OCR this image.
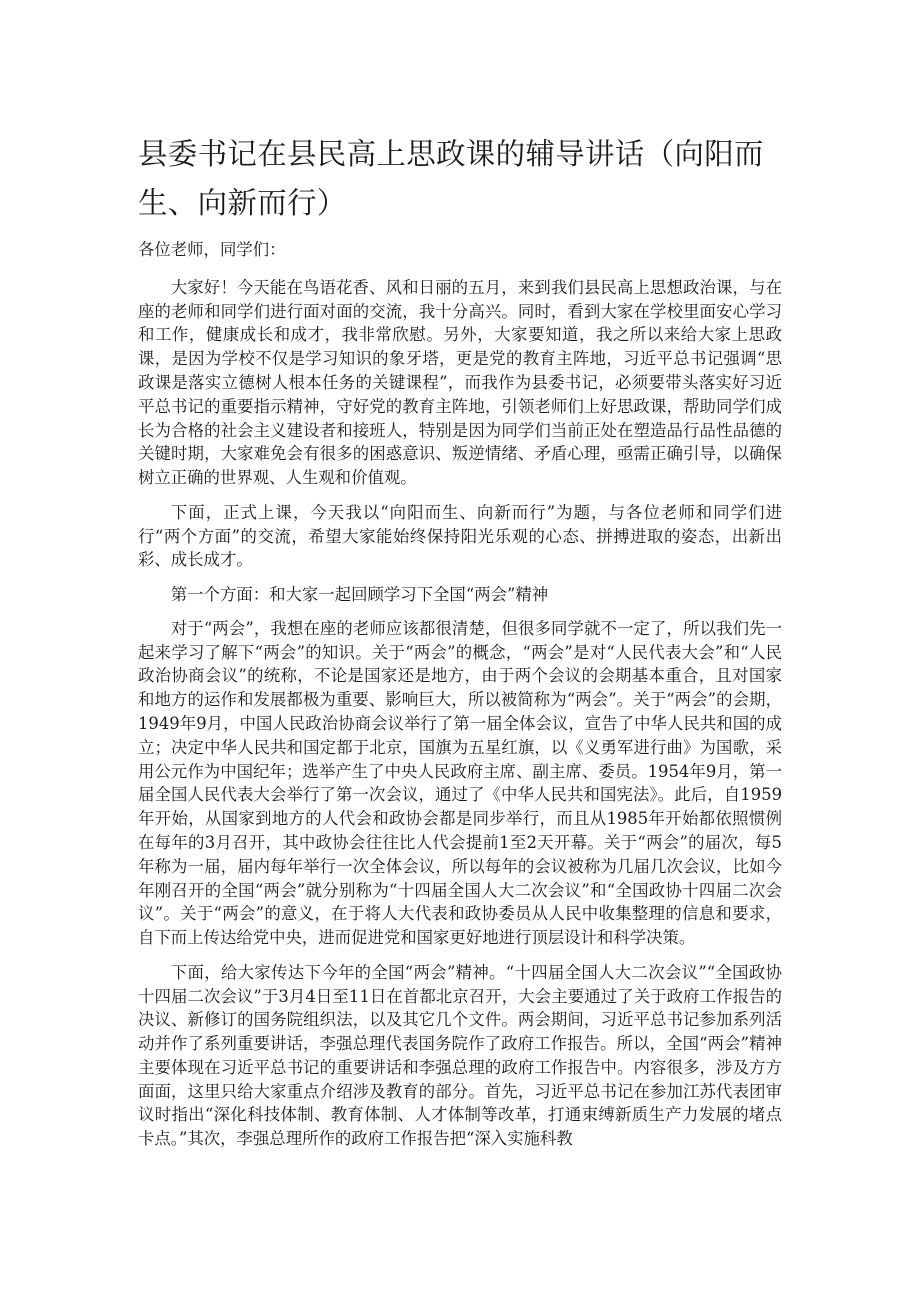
县委书记在县民高上思政课的辅导讲话（向阳而生、向新而行）

各位老师，同学们：

大家好！今天能在鸟语花香、风和日丽的五月，来到我们县民高上思想政治课，与在座的老师和同学们进行面对面的交流，我十分高兴。同时，看到大家在学校里面安心学习和工作，健康成长和成才，我非常欣慰。另外，大家要知道，我之所以来给大家上思政课，是因为学校不仅是学习知识的象牙塔，更是党的教育主阵地，习近平总书记强调“思政课是落实立德树人根本任务的关键课程”，而我作为县委书记，必须要带头落实好习近平总书记的重要指示精神，守好党的教育主阵地，引领老师们上好思政课，帮助同学们成长为合格的社会主义建设者和接班人，特别是因为同学们当前正处在塑造品行品性品德的关键时期，大家难免会有很多的困惑意识、叛逆情绪、矛盾心理，亟需正确引导，以确保树立正确的世界观、人生观和价值观。

下面，正式上课，今天我以“向阳而生、向新而行”为题，与各位老师和同学们进行“两个方面”的交流，希望大家能始终保持阳光乐观的心态、拼搏进取的姿态，出新出彩、成长成才。

第一个方面：和大家一起回顾学习下全国“两会”精神

对于“两会”，我想在座的老师应该都很清楚，但很多同学就不一定了，所以我们先一起来学习了解下“两会”的知识。关于“两会”的概念，“两会”是对“人民代表大会”和“人民政治协商会议”的统称，不论是国家还是地方，由于两个会议的会期基本重合，且对国家和地方的运作和发展都极为重要、影响巨大，所以被简称为“两会”。关于“两会”的会期，1949年9月，中国人民政治协商会议举行了第一届全体会议，宣告了中华人民共和国的成立；决定中华人民共和国定都于北京，国旗为五星红旗，以《义勇军进行曲》为国歌，采用公元作为中国纪年；选举产生了中央人民政府主席、副主席、委员。1954年9月，第一届全国人民代表大会举行了第一次会议，通过了《中华人民共和国宪法》。此后，自1959年开始，从国家到地方的人代会和政协会都是同步举行，而且从1985年开始都依照惯例在每年的3月召开，其中政协会往往比人代会提前1至2天开幕。关于“两会”的届次，每5年称为一届，届内每年举行一次全体会议，所以每年的会议被称为几届几次会议，比如今年刚召开的全国“两会”就分别称为“十四届全国人大二次会议”和“全国政协十四届二次会议”。关于“两会”的意义，在于将人大代表和政协委员从人民中收集整理的信息和要求，自下而上传达给党中央，进而促进党和国家更好地进行顶层设计和科学决策。

下面，给大家传达下今年的全国“两会”精神。“十四届全国人大二次会议”“全国政协十四届二次会议”于3月4日至11日在首都北京召开，大会主要通过了关于政府工作报告的决议、新修订的国务院组织法，以及其它几个文件。两会期间，习近平总书记参加系列活动并作了系列重要讲话，李强总理代表国务院作了政府工作报告。所以，全国“两会”精神主要体现在习近平总书记的重要讲话和李强总理的政府工作报告中。内容很多，涉及方方面面，这里只给大家重点介绍涉及教育的部分。首先，习近平总书记在参加江苏代表团审议时指出“深化科技体制、教育体制、人才体制等改革，打通束缚新质生产力发展的堵点卡点。”其次，李强总理所作的政府工作报告把“深入实施科教
